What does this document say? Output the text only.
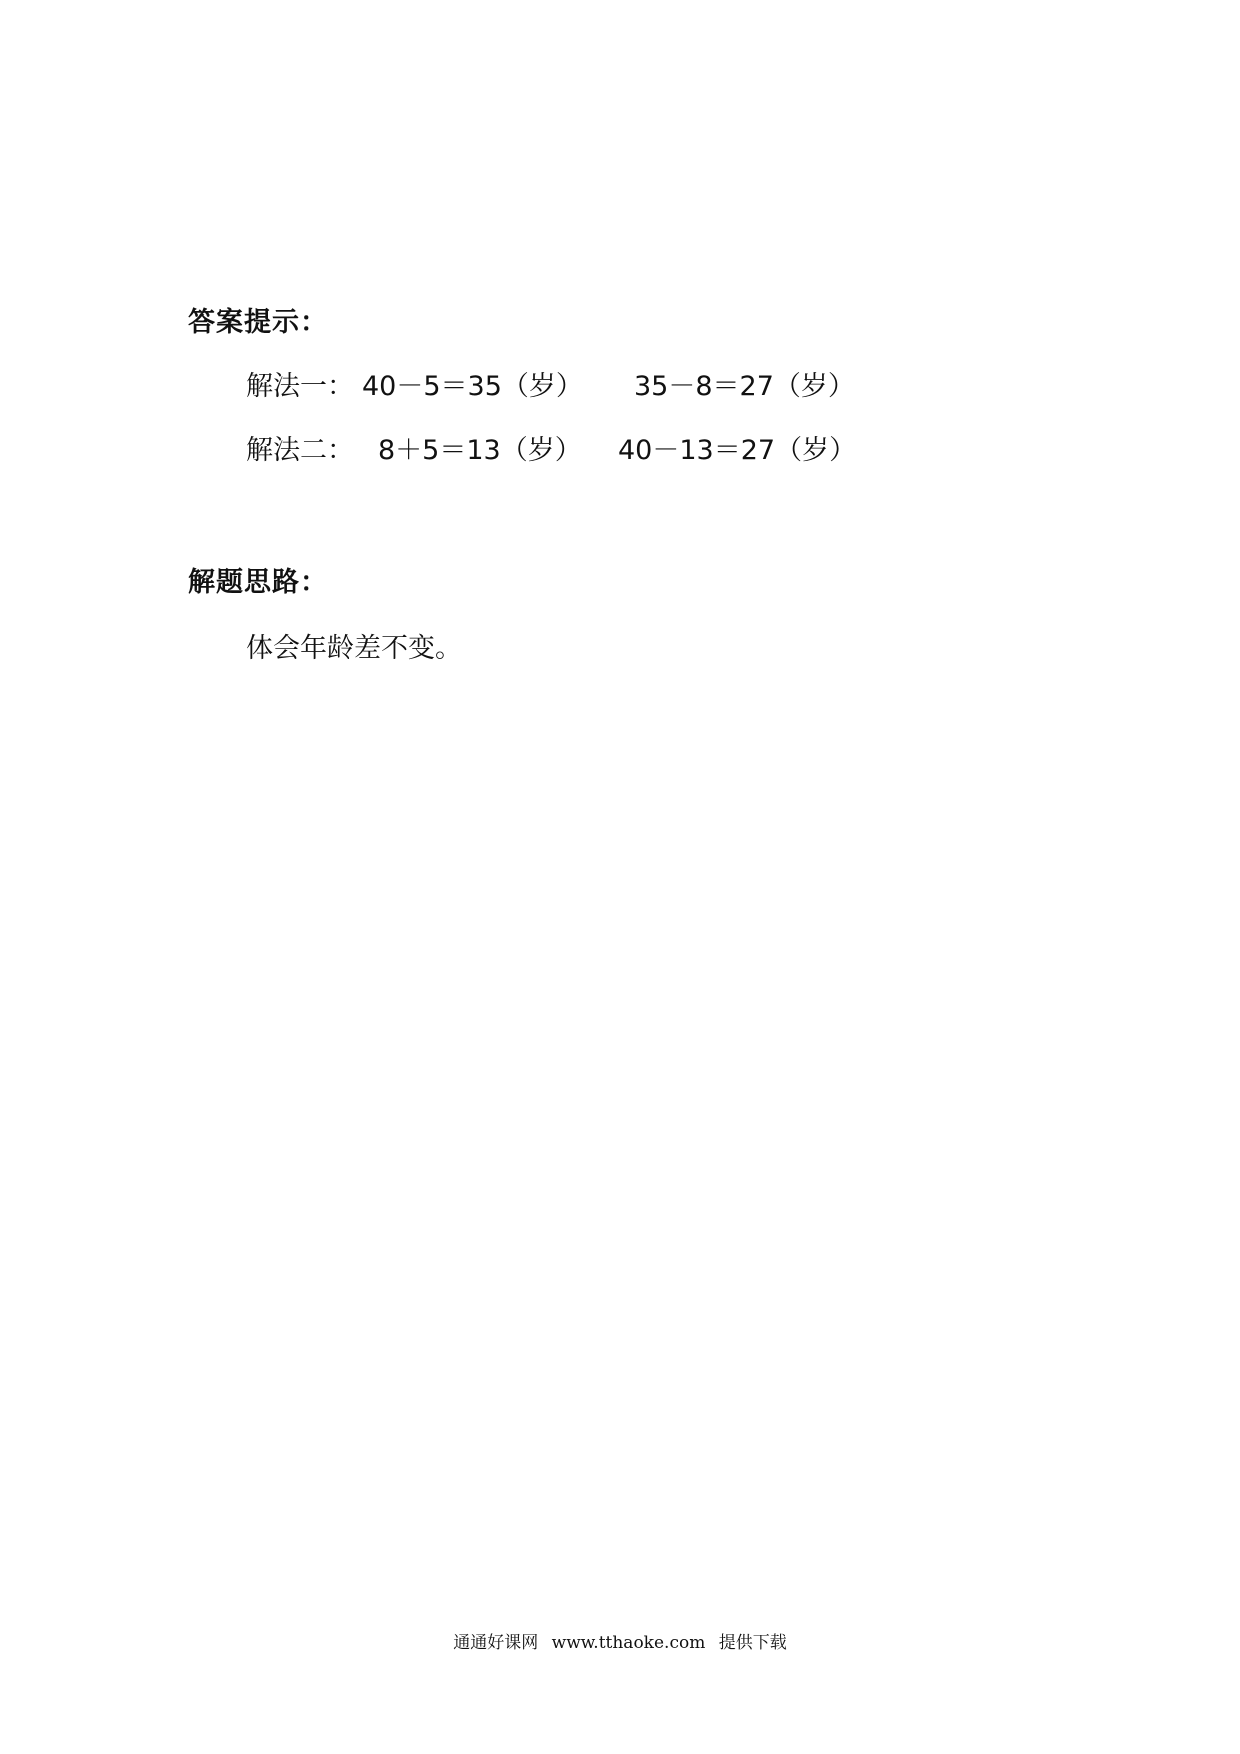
答案提示：
解法一： 40－5＝35（岁） 35－8＝27（岁）
解法二： 8＋5＝13（岁） 40－13＝27（岁）
解题思路：
体会年龄差不变。
通通好课网 www.tthaoke.com 提供下载
